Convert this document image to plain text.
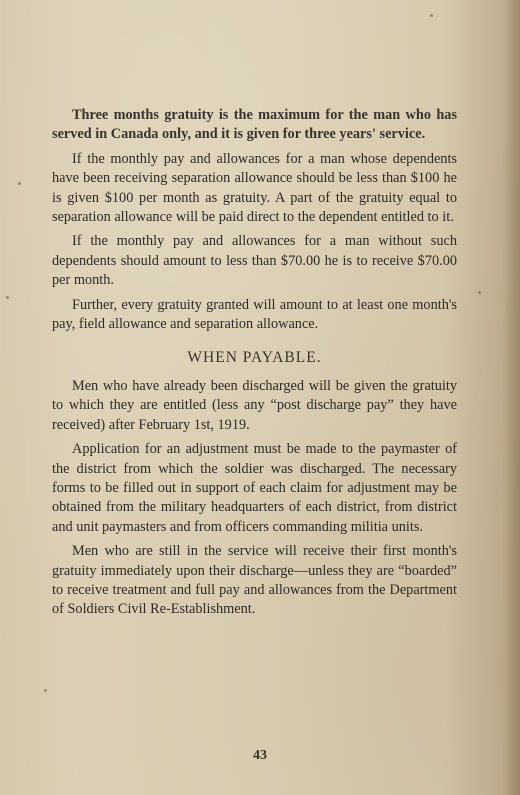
Three months gratuity is the maximum for the man who has served in Canada only, and it is given for three years' service.

If the monthly pay and allowances for a man whose dependents have been receiving separation allowance should be less than $100 he is given $100 per month as gratuity. A part of the gratuity equal to separation allowance will be paid direct to the dependent entitled to it.

If the monthly pay and allowances for a man without such dependents should amount to less than $70.00 he is to receive $70.00 per month.

Further, every gratuity granted will amount to at least one month's pay, field allowance and separation allowance.

WHEN PAYABLE.

Men who have already been discharged will be given the gratuity to which they are entitled (less any “post discharge pay” they have received) after February 1st, 1919.

Application for an adjustment must be made to the paymaster of the district from which the soldier was discharged. The necessary forms to be filled out in support of each claim for adjustment may be obtained from the military headquarters of each district, from district and unit paymasters and from officers commanding militia units.

Men who are still in the service will receive their first month's gratuity immediately upon their discharge—unless they are “boarded” to receive treatment and full pay and allowances from the Department of Soldiers Civil Re-Establishment.

43
